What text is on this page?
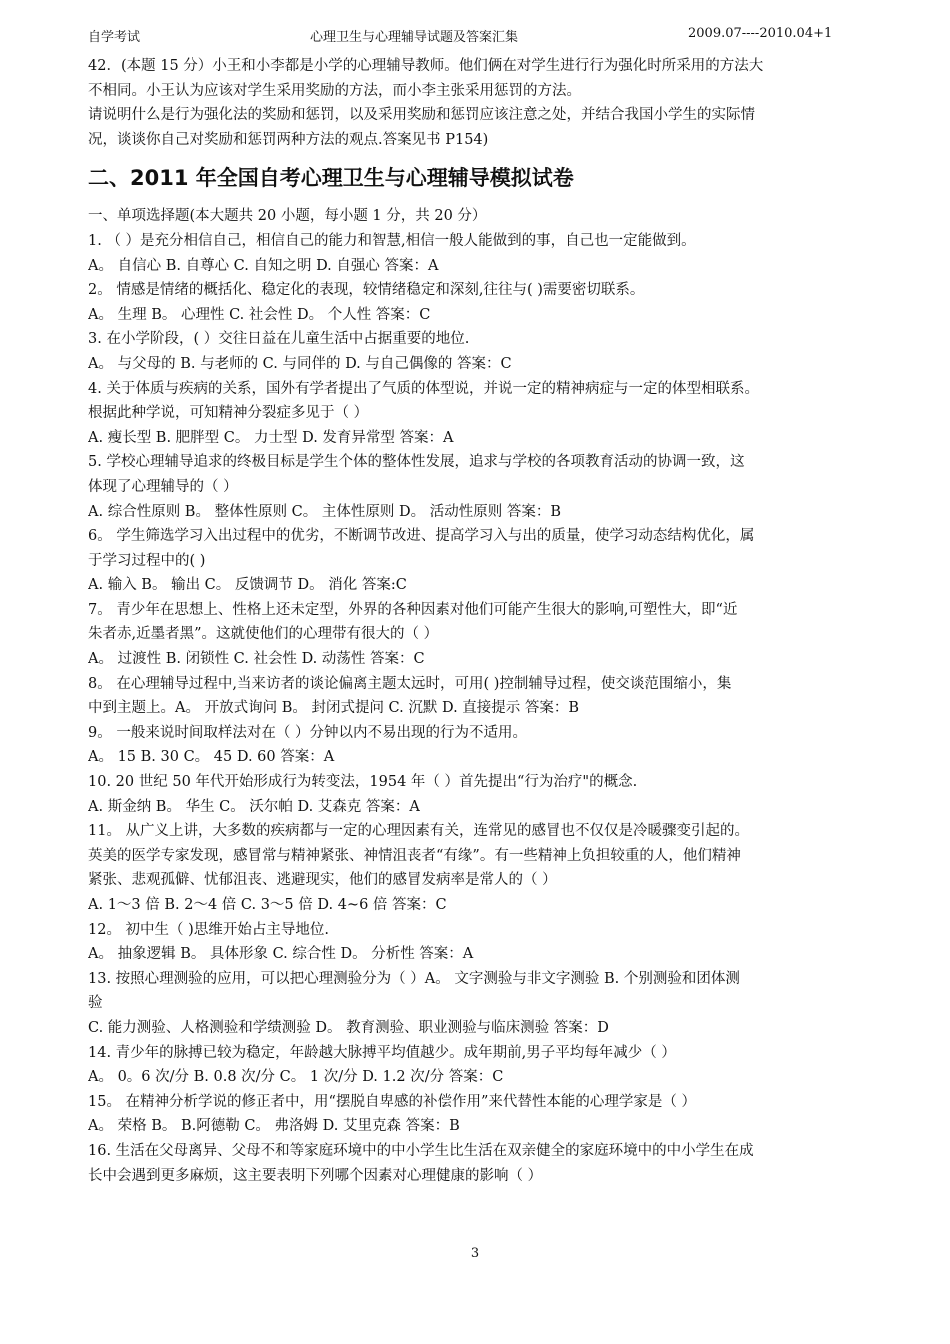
自学考试	心理卫生与心理辅导试题及答案汇集	2009.07----2010.04+1
42．(本题 15 分）小王和小李都是小学的心理辅导教师。他们俩在对学生进行行为强化时所采用的方法大
不相同。小王认为应该对学生采用奖励的方法，而小李主张采用惩罚的方法。
请说明什么是行为强化法的奖励和惩罚，以及采用奖励和惩罚应该注意之处，并结合我国小学生的实际情
况，谈谈你自己对奖励和惩罚两种方法的观点.答案见书 P154)
二、2011 年全国自考心理卫生与心理辅导模拟试卷
一、单项选择题(本大题共 20 小题，每小题 1 分，共 20 分）
1. （ ）是充分相信自己，相信自己的能力和智慧,相信一般人能做到的事，自己也一定能做到。
A。 自信心 B. 自尊心 C. 自知之明 D. 自强心 答案：A
2。 情感是情绪的概括化、稳定化的表现，较情绪稳定和深刻,往往与( )需要密切联系。
A。 生理 B。 心理性 C. 社会性 D。 个人性 答案：C
3. 在小学阶段，( ）交往日益在儿童生活中占据重要的地位.
A。 与父母的 B. 与老师的 C. 与同伴的 D. 与自己偶像的 答案：C
4. 关于体质与疾病的关系，国外有学者提出了气质的体型说，并说一定的精神病症与一定的体型相联系。
根据此种学说，可知精神分裂症多见于（ ）
A. 瘦长型 B. 肥胖型 C。 力士型 D. 发育异常型 答案：A
5. 学校心理辅导追求的终极目标是学生个体的整体性发展，追求与学校的各项教育活动的协调一致，这
体现了心理辅导的（ ）
A. 综合性原则 B。 整体性原则 C。 主体性原则 D。 活动性原则 答案：B
6。 学生筛选学习入出过程中的优劣，不断调节改进、提高学习入与出的质量，使学习动态结构优化，属
于学习过程中的( )
A. 输入 B。 输出 C。 反馈调节 D。 消化 答案:C
7。 青少年在思想上、性格上还未定型，外界的各种因素对他们可能产生很大的影响,可塑性大，即“近
朱者赤,近墨者黑”。这就使他们的心理带有很大的（ ）
A。 过渡性 B. 闭锁性 C. 社会性 D. 动荡性 答案：C
8。 在心理辅导过程中,当来访者的谈论偏离主题太远时，可用( )控制辅导过程，使交谈范围缩小，集
中到主题上。A。 开放式询问 B。 封闭式提问 C. 沉默 D. 直接提示 答案：B
9。 一般来说时间取样法对在（ ）分钟以内不易出现的行为不适用。
A。 15 B. 30 C。 45 D. 60 答案：A
10. 20 世纪 50 年代开始形成行为转变法，1954 年（ ）首先提出“行为治疗"的概念.
A. 斯金纳 B。 华生 C。 沃尔帕 D. 艾森克 答案：A
11。 从广义上讲，大多数的疾病都与一定的心理因素有关，连常见的感冒也不仅仅是冷暖骤变引起的。
英美的医学专家发现，感冒常与精神紧张、神情沮丧者“有缘”。有一些精神上负担较重的人，他们精神
紧张、悲观孤僻、忧郁沮丧、逃避现实，他们的感冒发病率是常人的（ ）
A. 1～3 倍 B. 2～4 倍 C. 3～5 倍 D. 4~6 倍 答案：C
12。 初中生（ )思维开始占主导地位.
A。 抽象逻辑 B。 具体形象 C. 综合性 D。 分析性 答案：A
13. 按照心理测验的应用，可以把心理测验分为（ ）A。 文字测验与非文字测验 B. 个别测验和团体测
验
C. 能力测验、人格测验和学绩测验 D。 教育测验、职业测验与临床测验 答案：D
14. 青少年的脉搏已较为稳定，年龄越大脉搏平均值越少。成年期前,男子平均每年减少（ ）
A。 0。6 次/分 B. 0.8 次/分 C。 1 次/分 D. 1.2 次/分 答案：C
15。 在精神分析学说的修正者中，用“摆脱自卑感的补偿作用”来代替性本能的心理学家是（ ）
A。 荣格 B。 B.阿德勒 C。 弗洛姆 D. 艾里克森 答案：B
16. 生活在父母离异、父母不和等家庭环境中的中小学生比生活在双亲健全的家庭环境中的中小学生在成
长中会遇到更多麻烦，这主要表明下列哪个因素对心理健康的影响（ ）
3
